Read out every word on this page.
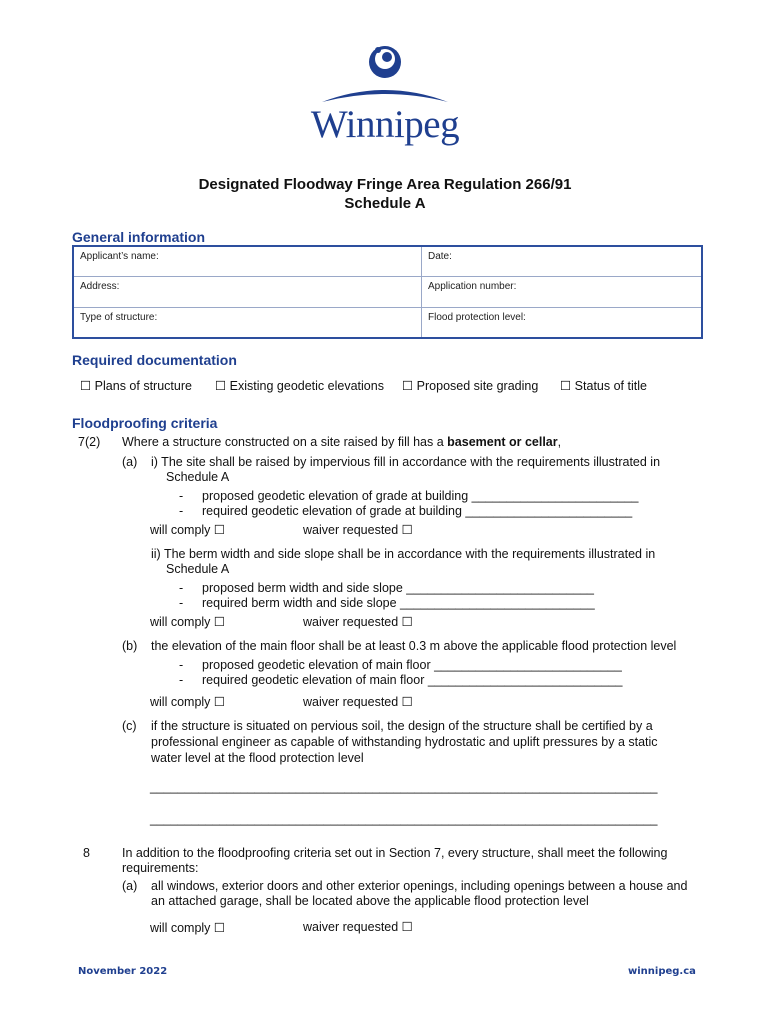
Winnipeg
Designated Floodway Fringe Area Regulation 266/91
Schedule A
General information
Applicant’s name:	Date:
Address:	Application number:
Type of structure:	Flood protection level:
Required documentation
☐ Plans of structure ☐ Existing geodetic elevations ☐ Proposed site grading ☐ Status of title
Floodproofing criteria
7(2) Where a structure constructed on a site raised by fill has a basement or cellar,
(a) i) The site shall be raised by impervious fill in accordance with the requirements illustrated in
Schedule A
- proposed geodetic elevation of grade at building ________________________
- required geodetic elevation of grade at building ________________________
will comply ☐	waiver requested ☐
ii) The berm width and side slope shall be in accordance with the requirements illustrated in
Schedule A
- proposed berm width and side slope ___________________________
- required berm width and side slope ____________________________
will comply ☐	waiver requested ☐
(b) the elevation of the main floor shall be at least 0.3 m above the applicable flood protection level
- proposed geodetic elevation of main floor ___________________________
- required geodetic elevation of main floor ____________________________
will comply ☐	waiver requested ☐
(c) if the structure is situated on pervious soil, the design of the structure shall be certified by a
professional engineer as capable of withstanding hydrostatic and uplift pressures by a static
water level at the flood protection level
_________________________________________________________________________
_________________________________________________________________________
8	In addition to the floodproofing criteria set out in Section 7, every structure, shall meet the following
requirements:
(a) all windows, exterior doors and other exterior openings, including openings between a house and
an attached garage, shall be located above the applicable flood protection level
will comply ☐	waiver requested ☐
November 2022	winnipeg.ca
